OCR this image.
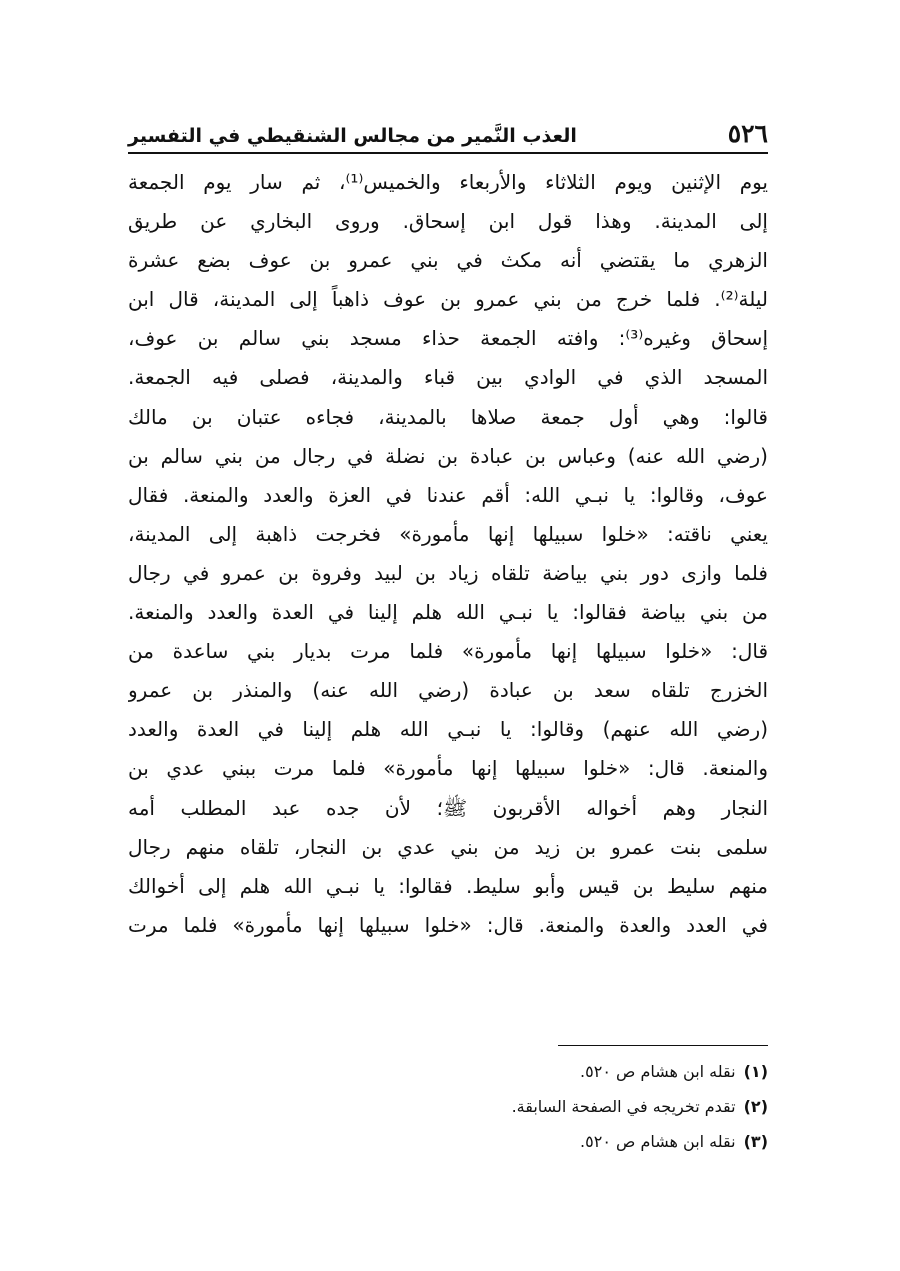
٥٢٦
العذب النَّمير من مجالس الشنقيطي في التفسير
يوم الإثنين ويوم الثلاثاء والأربعاء والخميس⁽¹⁾، ثم سار يوم الجمعة
إلى المدينة. وهذا قول ابن إسحاق. وروى البخاري عن طريق
الزهري ما يقتضي أنه مكث في بني عمرو بن عوف بضع عشرة
ليلة⁽²⁾. فلما خرج من بني عمرو بن عوف ذاهباً إلى المدينة، قال ابن
إسحاق وغيره⁽³⁾: وافته الجمعة حذاء مسجد بني سالم بن عوف،
المسجد الذي في الوادي بين قباء والمدينة، فصلى فيه الجمعة.
قالوا: وهي أول جمعة صلاها بالمدينة، فجاءه عتبان بن مالك
(رضي الله عنه) وعباس بن عبادة بن نضلة في رجال من بني سالم بن
عوف، وقالوا: يا نبـي الله: أقم عندنا في العزة والعدد والمنعة. فقال
يعني ناقته: «خلوا سبيلها إنها مأمورة» فخرجت ذاهبة إلى المدينة،
فلما وازى دور بني بياضة تلقاه زياد بن لبيد وفروة بن عمرو في رجال
من بني بياضة فقالوا: يا نبـي الله هلم إلينا في العدة والعدد والمنعة.
قال: «خلوا سبيلها إنها مأمورة» فلما مرت بديار بني ساعدة من
الخزرج تلقاه سعد بن عبادة (رضي الله عنه) والمنذر بن عمرو
(رضي الله عنهم) وقالوا: يا نبـي الله هلم إلينا في العدة والعدد
والمنعة. قال: «خلوا سبيلها إنها مأمورة» فلما مرت ببني عدي بن
النجار وهم أخواله الأقربون ﷺ؛ لأن جده عبد المطلب أمه
سلمى بنت عمرو بن زيد من بني عدي بن النجار، تلقاه منهم رجال
منهم سليط بن قيس وأبو سليط. فقالوا: يا نبـي الله هلم إلى أخوالك
في العدد والعدة والمنعة. قال: «خلوا سبيلها إنها مأمورة» فلما مرت
(١)نقله ابن هشام ص ٥٢٠.
(٢)تقدم تخريجه في الصفحة السابقة.
(٣)نقله ابن هشام ص ٥٢٠.
